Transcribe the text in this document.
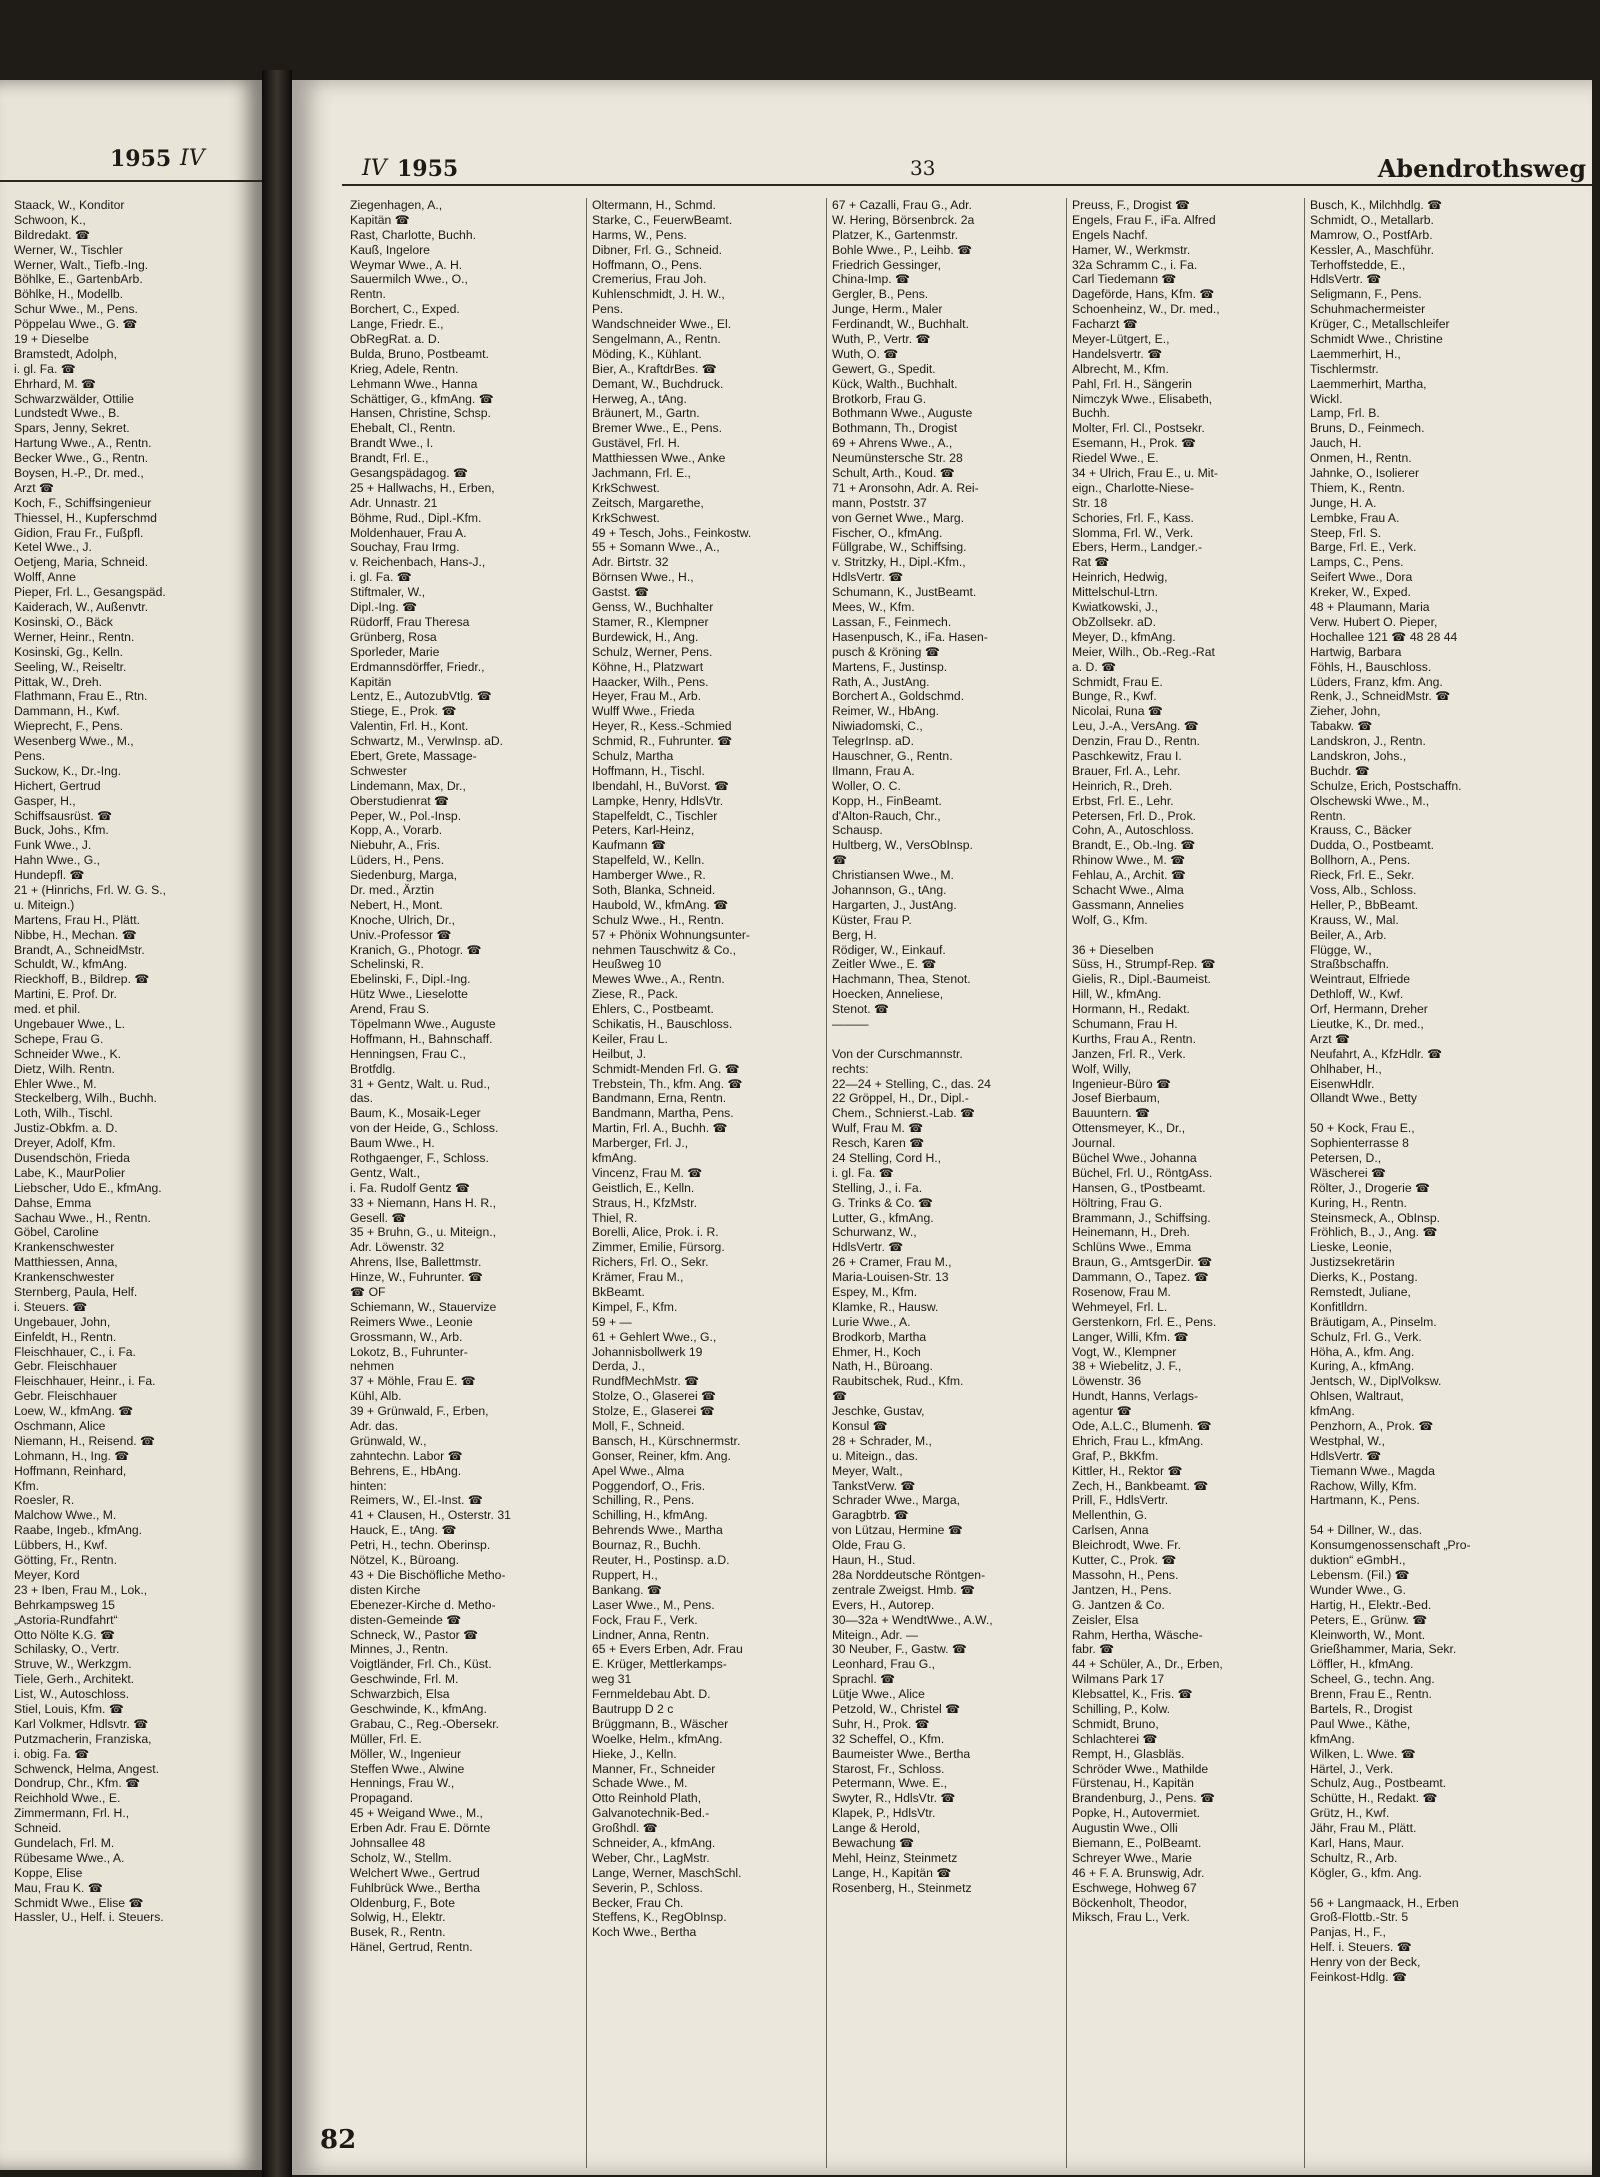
1955 IV
Staack, W., Konditor
Schwoon, K.,
Bildredakt. ☎
Werner, W., Tischler
Werner, Walt., Tiefb.-Ing.
Böhlke, E., GartenbArb.
Böhlke, H., Modellb.
Schur Wwe., M., Pens.
Pöppelau Wwe., G. ☎
19 + Dieselbe
Bramstedt, Adolph,
i. gl. Fa. ☎
Ehrhard, M. ☎
Schwarzwälder, Ottilie
Lundstedt Wwe., B.
Spars, Jenny, Sekret.
Hartung Wwe., A., Rentn.
Becker Wwe., G., Rentn.
Boysen, H.-P., Dr. med.,
Arzt ☎
Koch, F., Schiffsingenieur
Thiessel, H., Kupferschmd
Gidion, Frau Fr., Fußpfl.
Ketel Wwe., J.
Oetjeng, Maria, Schneid.
Wolff, Anne
Pieper, Frl. L., Gesangspäd.
Kaiderach, W., Außenvtr.
Kosinski, O., Bäck
Werner, Heinr., Rentn.
Kosinski, Gg., Kelln.
Seeling, W., Reiseltr.
Pittak, W., Dreh.
Flathmann, Frau E., Rtn.
Dammann, H., Kwf.
Wieprecht, F., Pens.
Wesenberg Wwe., M.,
Pens.
Suckow, K., Dr.-Ing.
Hichert, Gertrud
Gasper, H.,
Schiffsausrüst. ☎
Buck, Johs., Kfm.
Funk Wwe., J.
Hahn Wwe., G.,
Hundepfl. ☎
21 + (Hinrichs, Frl. W. G. S.,
u. Miteign.)
Martens, Frau H., Plätt.
Nibbe, H., Mechan. ☎
Brandt, A., SchneidMstr.
Schuldt, W., kfmAng.
Rieckhoff, B., Bildrep. ☎
Martini, E. Prof. Dr.
med. et phil.
Ungebauer Wwe., L.
Schepe, Frau G.
Schneider Wwe., K.
Dietz, Wilh. Rentn.
Ehler Wwe., M.
Steckelberg, Wilh., Buchh.
Loth, Wilh., Tischl.
Justiz-Obkfm. a. D.
Dreyer, Adolf, Kfm.
Dusendschön, Frieda
Labe, K., MaurPolier
Liebscher, Udo E., kfmAng.
Dahse, Emma
Sachau Wwe., H., Rentn.
Göbel, Caroline
Krankenschwester
Matthiessen, Anna,
Krankenschwester
Sternberg, Paula, Helf.
i. Steuers. ☎
Ungebauer, John,
Einfeldt, H., Rentn.
Fleischhauer, C., i. Fa.
Gebr. Fleischhauer
Fleischhauer, Heinr., i. Fa.
Gebr. Fleischhauer
Loew, W., kfmAng. ☎
Oschmann, Alice
Niemann, H., Reisend. ☎
Lohmann, H., Ing. ☎
Hoffmann, Reinhard,
Kfm.
Roesler, R.
Malchow Wwe., M.
Raabe, Ingeb., kfmAng.
Lübbers, H., Kwf.
Götting, Fr., Rentn.
Meyer, Kord
23 + Iben, Frau M., Lok.,
Behrkampsweg 15
„Astoria-Rundfahrt“
Otto Nölte K.G. ☎
Schilasky, O., Vertr.
Struve, W., Werkzgm.
Tiele, Gerh., Architekt.
List, W., Autoschloss.
Stiel, Louis, Kfm. ☎
Karl Volkmer, Hdlsvtr. ☎
Putzmacherin, Franziska,
i. obig. Fa. ☎
Schwenck, Helma, Angest.
Dondrup, Chr., Kfm. ☎
Reichhold Wwe., E.
Zimmermann, Frl. H.,
Schneid.
Gundelach, Frl. M.
Rübesame Wwe., A.
Koppe, Elise
Mau, Frau K. ☎
Schmidt Wwe., Elise ☎
Hassler, U., Helf. i. Steuers.
IV 1955	33	Abendrothsweg
Ziegenhagen, A.,
Kapitän ☎
Rast, Charlotte, Buchh.
Kauß, Ingelore
Weymar Wwe., A. H.
Sauermilch Wwe., O.,
Rentn.
Borchert, C., Exped.
Lange, Friedr. E.,
ObRegRat. a. D.
Bulda, Bruno, Postbeamt.
Krieg, Adele, Rentn.
Lehmann Wwe., Hanna
Schättiger, G., kfmAng. ☎
Hansen, Christine, Schsp.
Ehebalt, Cl., Rentn.
Brandt Wwe., I.
Brandt, Frl. E.,
Gesangspädagog. ☎
25 + Hallwachs, H., Erben,
Adr. Unnastr. 21
Böhme, Rud., Dipl.-Kfm.
Moldenhauer, Frau A.
Souchay, Frau Irmg.
v. Reichenbach, Hans-J.,
i. gl. Fa. ☎
Stiftmaler, W.,
Dipl.-Ing. ☎
Rüdorff, Frau Theresa
Grünberg, Rosa
Sporleder, Marie
Erdmannsdörffer, Friedr.,
Kapitän
Lentz, E., AutozubVtlg. ☎
Stiege, E., Prok. ☎
Valentin, Frl. H., Kont.
Schwartz, M., VerwInsp. aD.
Ebert, Grete, Massage-
Schwester
Lindemann, Max, Dr.,
Oberstudienrat ☎
Peper, W., Pol.-Insp.
Kopp, A., Vorarb.
Niebuhr, A., Fris.
Lüders, H., Pens.
Siedenburg, Marga,
Dr. med., Ärztin
Nebert, H., Mont.
Knoche, Ulrich, Dr.,
Univ.-Professor ☎
Kranich, G., Photogr. ☎
Schelinski, R.
Ebelinski, F., Dipl.-Ing.
Hütz Wwe., Lieselotte
Arend, Frau S.
Töpelmann Wwe., Auguste
Hoffmann, H., Bahnschaff.
Henningsen, Frau C.,
Brotfdlg.
31 + Gentz, Walt. u. Rud.,
das.
Baum, K., Mosaik-Leger
von der Heide, G., Schloss.
Baum Wwe., H.
Rothgaenger, F., Schloss.
Gentz, Walt.,
i. Fa. Rudolf Gentz ☎
33 + Niemann, Hans H. R.,
Gesell. ☎
35 + Bruhn, G., u. Miteign.,
Adr. Löwenstr. 32
Ahrens, Ilse, Ballettmstr.
Hinze, W., Fuhrunter. ☎
☎ OF
Schiemann, W., Stauervize
Reimers Wwe., Leonie
Grossmann, W., Arb.
Lokotz, B., Fuhrunter-
nehmen
37 + Möhle, Frau E. ☎
Kühl, Alb.
39 + Grünwald, F., Erben,
Adr. das.
Grünwald, W.,
zahntechn. Labor ☎
Behrens, E., HbAng.
hinten:
Reimers, W., El.-Inst. ☎
41 + Clausen, H., Osterstr. 31
Hauck, E., tAng. ☎
Petri, H., techn. Oberinsp.
Nötzel, K., Büroang.
43 + Die Bischöfliche Metho-
disten Kirche
Ebenezer-Kirche d. Metho-
disten-Gemeinde ☎
Schneck, W., Pastor ☎
Minnes, J., Rentn.
Voigtländer, Frl. Ch., Küst.
Geschwinde, Frl. M.
Schwarzbich, Elsa
Geschwinde, K., kfmAng.
Grabau, C., Reg.-Obersekr.
Müller, Frl. E.
Möller, W., Ingenieur
Steffen Wwe., Alwine
Hennings, Frau W.,
Propagand.
45 + Weigand Wwe., M.,
Erben Adr. Frau E. Dörnte
Johnsallee 48
Scholz, W., Stellm.
Welchert Wwe., Gertrud
Fuhlbrück Wwe., Bertha
Oldenburg, F., Bote
Solwig, H., Elektr.
Busek, R., Rentn.
Hänel, Gertrud, Rentn.
Oltermann, H., Schmd.
Starke, C., FeuerwBeamt.
Harms, W., Pens.
Dibner, Frl. G., Schneid.
Hoffmann, O., Pens.
Cremerius, Frau Joh.
Kuhlenschmidt, J. H. W.,
Pens.
Wandschneider Wwe., El.
Sengelmann, A., Rentn.
Möding, K., Kühlant.
Bier, A., KraftdrBes. ☎
Demant, W., Buchdruck.
Herweg, A., tAng.
Bräunert, M., Gartn.
Bremer Wwe., E., Pens.
Gustävel, Frl. H.
Matthiessen Wwe., Anke
Jachmann, Frl. E.,
KrkSchwest.
Zeitsch, Margarethe,
KrkSchwest.
49 + Tesch, Johs., Feinkostw.
55 + Somann Wwe., A.,
Adr. Birtstr. 32
Börnsen Wwe., H.,
Gastst. ☎
Genss, W., Buchhalter
Stamer, R., Klempner
Burdewick, H., Ang.
Schulz, Werner, Pens.
Köhne, H., Platzwart
Haacker, Wilh., Pens.
Heyer, Frau M., Arb.
Wulff Wwe., Frieda
Heyer, R., Kess.-Schmied
Schmid, R., Fuhrunter. ☎
Schulz, Martha
Hoffmann, H., Tischl.
Ibendahl, H., BuVorst. ☎
Lampke, Henry, HdlsVtr.
Stapelfeldt, C., Tischler
Peters, Karl-Heinz,
Kaufmann ☎
Stapelfeld, W., Kelln.
Hamberger Wwe., R.
Soth, Blanka, Schneid.
Haubold, W., kfmAng. ☎
Schulz Wwe., H., Rentn.
57 + Phönix Wohnungsunter-
nehmen Tauschwitz & Co.,
Heußweg 10
Mewes Wwe., A., Rentn.
Ziese, R., Pack.
Ehlers, C., Postbeamt.
Schikatis, H., Bauschloss.
Keiler, Frau L.
Heilbut, J.
Schmidt-Menden Frl. G. ☎
Trebstein, Th., kfm. Ang. ☎
Bandmann, Erna, Rentn.
Bandmann, Martha, Pens.
Martin, Frl. A., Buchh. ☎
Marberger, Frl. J.,
kfmAng.
Vincenz, Frau M. ☎
Geistlich, E., Kelln.
Straus, H., KfzMstr.
Thiel, R.
Borelli, Alice, Prok. i. R.
Zimmer, Emilie, Fürsorg.
Richers, Frl. O., Sekr.
Krämer, Frau M.,
BkBeamt.
Kimpel, F., Kfm.
59 + —
61 + Gehlert Wwe., G.,
Johannisbollwerk 19
Derda, J.,
RundfMechMstr. ☎
Stolze, O., Glaserei ☎
Stolze, E., Glaserei ☎
Moll, F., Schneid.
Bansch, H., Kürschnermstr.
Gonser, Reiner, kfm. Ang.
Apel Wwe., Alma
Poggendorf, O., Fris.
Schilling, R., Pens.
Schilling, H., kfmAng.
Behrends Wwe., Martha
Bournaz, R., Buchh.
Reuter, H., Postinsp. a.D.
Ruppert, H.,
Bankang. ☎
Laser Wwe., M., Pens.
Fock, Frau F., Verk.
Lindner, Anna, Rentn.
65 + Evers Erben, Adr. Frau
E. Krüger, Mettlerkamps-
weg 31
Fernmeldebau Abt. D.
Bautrupp D 2 c
Brüggmann, B., Wäscher
Woelke, Helm., kfmAng.
Hieke, J., Kelln.
Manner, Fr., Schneider
Schade Wwe., M.
Otto Reinhold Plath,
Galvanotechnik-Bed.-
Großhdl. ☎
Schneider, A., kfmAng.
Weber, Chr., LagMstr.
Lange, Werner, MaschSchl.
Severin, P., Schloss.
Becker, Frau Ch.
Steffens, K., RegObInsp.
Koch Wwe., Bertha
67 + Cazalli, Frau G., Adr.
W. Hering, Börsenbrck. 2a
Platzer, K., Gartenmstr.
Bohle Wwe., P., Leihb. ☎
Friedrich Gessinger,
China-Imp. ☎
Gergler, B., Pens.
Junge, Herm., Maler
Ferdinandt, W., Buchhalt.
Wuth, P., Vertr. ☎
Wuth, O. ☎
Gewert, G., Spedit.
Kück, Walth., Buchhalt.
Brotkorb, Frau G.
Bothmann Wwe., Auguste
Bothmann, Th., Drogist
69 + Ahrens Wwe., A.,
Neumünstersche Str. 28
Schult, Arth., Koud. ☎
71 + Aronsohn, Adr. A. Rei-
mann, Poststr. 37
von Gernet Wwe., Marg.
Fischer, O., kfmAng.
Füllgrabe, W., Schiffsing.
v. Stritzky, H., Dipl.-Kfm.,
HdlsVertr. ☎
Schumann, K., JustBeamt.
Mees, W., Kfm.
Lassan, F., Feinmech.
Hasenpusch, K., iFa. Hasen-
pusch & Kröning ☎
Martens, F., Justinsp.
Rath, A., JustAng.
Borchert A., Goldschmd.
Reimer, W., HbAng.
Niwiadomski, C.,
TelegrInsp. aD.
Hauschner, G., Rentn.
Ilmann, Frau A.
Woller, O. C.
Kopp, H., FinBeamt.
d'Alton-Rauch, Chr.,
Schausp.
Hultberg, W., VersObInsp.
☎
Christiansen Wwe., M.
Johannson, G., tAng.
Hargarten, J., JustAng.
Küster, Frau P.
Berg, H.
Rödiger, W., Einkauf.
Zeitler Wwe., E. ☎
Hachmann, Thea, Stenot.
Hoecken, Anneliese,
Stenot. ☎
———
Von der Curschmannstr.
rechts:
22—24 + Stelling, C., das. 24
22 Gröppel, H., Dr., Dipl.-
Chem., Schnierst.-Lab. ☎
Wulf, Frau M. ☎
Resch, Karen ☎
24 Stelling, Cord H.,
i. gl. Fa. ☎
Stelling, J., i. Fa.
G. Trinks & Co. ☎
Lutter, G., kfmAng.
Schurwanz, W.,
HdlsVertr. ☎
26 + Cramer, Frau M.,
Maria-Louisen-Str. 13
Espey, M., Kfm.
Klamke, R., Hausw.
Lurie Wwe., A.
Brodkorb, Martha
Ehmer, H., Koch
Nath, H., Büroang.
Raubitschek, Rud., Kfm.
☎
Jeschke, Gustav,
Konsul ☎
28 + Schrader, M.,
u. Miteign., das.
Meyer, Walt.,
TankstVerw. ☎
Schrader Wwe., Marga,
Garagbtrb. ☎
von Lützau, Hermine ☎
Olde, Frau G.
Haun, H., Stud.
28a Norddeutsche Röntgen-
zentrale Zweigst. Hmb. ☎
Evers, H., Autorep.
30—32a + WendtWwe., A.W.,
Miteign., Adr. —
30 Neuber, F., Gastw. ☎
Leonhard, Frau G.,
Sprachl. ☎
Lütje Wwe., Alice
Petzold, W., Christel ☎
Suhr, H., Prok. ☎
32 Scheffel, O., Kfm.
Baumeister Wwe., Bertha
Starost, Fr., Schloss.
Petermann, Wwe. E.,
Swyter, R., HdlsVtr. ☎
Klapek, P., HdlsVtr.
Lange & Herold,
Bewachung ☎
Mehl, Heinz, Steinmetz
Lange, H., Kapitän ☎
Rosenberg, H., Steinmetz
Preuss, F., Drogist ☎
Engels, Frau F., iFa. Alfred
Engels Nachf.
Hamer, W., Werkmstr.
32a Schramm C., i. Fa.
Carl Tiedemann ☎
Dageförde, Hans, Kfm. ☎
Schoenheinz, W., Dr. med.,
Facharzt ☎
Meyer-Lütgert, E.,
Handelsvertr. ☎
Albrecht, M., Kfm.
Pahl, Frl. H., Sängerin
Nimczyk Wwe., Elisabeth,
Buchh.
Molter, Frl. Cl., Postsekr.
Esemann, H., Prok. ☎
Riedel Wwe., E.
34 + Ulrich, Frau E., u. Mit-
eign., Charlotte-Niese-
Str. 18
Schories, Frl. F., Kass.
Slomma, Frl. W., Verk.
Ebers, Herm., Landger.-
Rat ☎
Heinrich, Hedwig,
Mittelschul-Ltrn.
Kwiatkowski, J.,
ObZollsekr. aD.
Meyer, D., kfmAng.
Meier, Wilh., Ob.-Reg.-Rat
a. D. ☎
Schmidt, Frau E.
Bunge, R., Kwf.
Nicolai, Runa ☎
Leu, J.-A., VersAng. ☎
Denzin, Frau D., Rentn.
Paschkewitz, Frau I.
Brauer, Frl. A., Lehr.
Heinrich, R., Dreh.
Erbst, Frl. E., Lehr.
Petersen, Frl. D., Prok.
Cohn, A., Autoschloss.
Brandt, E., Ob.-Ing. ☎
Rhinow Wwe., M. ☎
Fehlau, A., Archit. ☎
Schacht Wwe., Alma
Gassmann, Annelies
Wolf, G., Kfm.
36 + Dieselben
Süss, H., Strumpf-Rep. ☎
Gielis, R., Dipl.-Baumeist.
Hill, W., kfmAng.
Hormann, H., Redakt.
Schumann, Frau H.
Kurths, Frau A., Rentn.
Janzen, Frl. R., Verk.
Wolf, Willy,
Ingenieur-Büro ☎
Josef Bierbaum,
Bauuntern. ☎
Ottensmeyer, K., Dr.,
Journal.
Büchel Wwe., Johanna
Büchel, Frl. U., RöntgAss.
Hansen, G., tPostbeamt.
Höltring, Frau G.
Brammann, J., Schiffsing.
Heinemann, H., Dreh.
Schlüns Wwe., Emma
Braun, G., AmtsgerDir. ☎
Dammann, O., Tapez. ☎
Rosenow, Frau M.
Wehmeyel, Frl. L.
Gerstenkorn, Frl. E., Pens.
Langer, Willi, Kfm. ☎
Vogt, W., Klempner
38 + Wiebelitz, J. F.,
Löwenstr. 36
Hundt, Hanns, Verlags-
agentur ☎
Ode, A.L.C., Blumenh. ☎
Ehrich, Frau L., kfmAng.
Graf, P., BkKfm.
Kittler, H., Rektor ☎
Zech, H., Bankbeamt. ☎
Prill, F., HdlsVertr.
Mellenthin, G.
Carlsen, Anna
Bleichrodt, Wwe. Fr.
Kutter, C., Prok. ☎
Massohn, H., Pens.
Jantzen, H., Pens.
G. Jantzen & Co.
Zeisler, Elsa
Rahm, Hertha, Wäsche-
fabr. ☎
44 + Schüler, A., Dr., Erben,
Wilmans Park 17
Klebsattel, K., Fris. ☎
Schilling, P., Kolw.
Schmidt, Bruno,
Schlachterei ☎
Rempt, H., Glasbläs.
Schröder Wwe., Mathilde
Fürstenau, H., Kapitän
Brandenburg, J., Pens. ☎
Popke, H., Autovermiet.
Augustin Wwe., Olli
Biemann, E., PolBeamt.
Schreyer Wwe., Marie
46 + F. A. Brunswig, Adr.
Eschwege, Hohweg 67
Böckenholt, Theodor,
Miksch, Frau L., Verk.
Busch, K., Milchhdlg. ☎
Schmidt, O., Metallarb.
Mamrow, O., PostfArb.
Kessler, A., Maschführ.
Terhoffstedde, E.,
HdlsVertr. ☎
Seligmann, F., Pens.
Schuhmachermeister
Krüger, C., Metallschleifer
Schmidt Wwe., Christine
Laemmerhirt, H.,
Tischlermstr.
Laemmerhirt, Martha,
Wickl.
Lamp, Frl. B.
Bruns, D., Feinmech.
Jauch, H.
Onmen, H., Rentn.
Jahnke, O., Isolierer
Thiem, K., Rentn.
Junge, H. A.
Lembke, Frau A.
Steep, Frl. S.
Barge, Frl. E., Verk.
Lamps, C., Pens.
Seifert Wwe., Dora
Kreker, W., Exped.
48 + Plaumann, Maria
Verw. Hubert O. Pieper,
Hochallee 121 ☎ 48 28 44
Hartwig, Barbara
Föhls, H., Bauschloss.
Lüders, Franz, kfm. Ang.
Renk, J., SchneidMstr. ☎
Zieher, John,
Tabakw. ☎
Landskron, J., Rentn.
Landskron, Johs.,
Buchdr. ☎
Schulze, Erich, Postschaffn.
Olschewski Wwe., M.,
Rentn.
Krauss, C., Bäcker
Dudda, O., Postbeamt.
Bollhorn, A., Pens.
Rieck, Frl. E., Sekr.
Voss, Alb., Schloss.
Heller, P., BbBeamt.
Krauss, W., Mal.
Beiler, A., Arb.
Flügge, W.,
Straßbschaffn.
Weintraut, Elfriede
Dethloff, W., Kwf.
Orf, Hermann, Dreher
Lieutke, K., Dr. med.,
Arzt ☎
Neufahrt, A., KfzHdlr. ☎
Ohlhaber, H.,
EisenwHdlr.
Ollandt Wwe., Betty
50 + Kock, Frau E.,
Sophienterrasse 8
Petersen, D.,
Wäscherei ☎
Rölter, J., Drogerie ☎
Kuring, H., Rentn.
Steinsmeck, A., ObInsp.
Fröhlich, B., J., Ang. ☎
Lieske, Leonie,
Justizsekretärin
Dierks, K., Postang.
Remstedt, Juliane,
Konfitlldrn.
Bräutigam, A., Pinselm.
Schulz, Frl. G., Verk.
Höha, A., kfm. Ang.
Kuring, A., kfmAng.
Jentsch, W., DiplVolksw.
Ohlsen, Waltraut,
kfmAng.
Penzhorn, A., Prok. ☎
Westphal, W.,
HdlsVertr. ☎
Tiemann Wwe., Magda
Rachow, Willy, Kfm.
Hartmann, K., Pens.
54 + Dillner, W., das.
Konsumgenossenschaft „Pro-
duktion“ eGmbH.,
Lebensm. (Fil.) ☎
Wunder Wwe., G.
Hartig, H., Elektr.-Bed.
Peters, E., Grünw. ☎
Kleinworth, W., Mont.
Grießhammer, Maria, Sekr.
Löffler, H., kfmAng.
Scheel, G., techn. Ang.
Brenn, Frau E., Rentn.
Bartels, R., Drogist
Paul Wwe., Käthe,
kfmAng.
Wilken, L. Wwe. ☎
Härtel, J., Verk.
Schulz, Aug., Postbeamt.
Schütte, H., Redakt. ☎
Grütz, H., Kwf.
Jähr, Frau M., Plätt.
Karl, Hans, Maur.
Schultz, R., Arb.
Kögler, G., kfm. Ang.
56 + Langmaack, H., Erben
Groß-Flottb.-Str. 5
Panjas, H., F.,
Helf. i. Steuers. ☎
Henry von der Beck,
Feinkost-Hdlg. ☎
82
